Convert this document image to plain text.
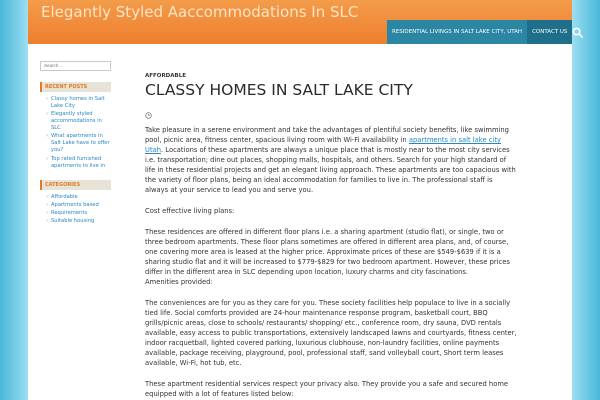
Elegantly Styled Aaccommodations In SLC
RESIDENTIAL LIVINGS IN SALT LAKE CITY, UTAH	CONTACT US
Search ...
RECENT POSTS
› Classy homes in Salt Lake City
› Elegantly styled accommodations in SLC
› What apartments in Salt Lake have to offer you?
› Top rated furnished apartments to live in
CATEGORIES
› Affordable
› Apartments based
› Requirements
› Suitable housing
AFFORDABLE
CLASSY HOMES IN SALT LAKE CITY

Take pleasure in a serene environment and take the advantages of plentiful society benefits, like swimming pool, picnic area, fitness center, spacious living room with Wi-Fi availability in apartments in salt lake city Utah. Locations of these apartments are always a unique place that is mostly near to the most city services i.e. transportation; dine out places, shopping malls, hospitals, and others. Search for your high standard of life in these residential projects and get an elegant living approach. These apartments are too capacious with the variety of floor plans, being an ideal accommodation for families to live in. The professional staff is always at your service to lead you and serve you.

Cost effective living plans:

These residences are offered in different floor plans i.e. a sharing apartment (studio flat), or single, two or three bedroom apartments. These floor plans sometimes are offered in different area plans, and, of course, one covering more area is leased at the higher price. Approximate prices of these are $549-$639 if it is a sharing studio flat and it will be increased to $779-$829 for two bedroom apartment. However, these prices differ in the different area in SLC depending upon location, luxury charms and city fascinations.

Amenities provided:

The conveniences are for you as they care for you. These society facilities help populace to live in a socially tied life. Social comforts provided are 24-hour maintenance response program, basketball court, BBQ grills/picnic areas, close to schools/ restaurants/ shopping/ etc., conference room, dry sauna, DVD rentals available, easy access to public transportations, extensively landscaped lawns and courtyards, fitness center, indoor racquetball, lighted covered parking, luxurious clubhouse, non-laundry facilities, online payments available, package receiving, playground, pool, professional staff, sand volleyball court, Short term leases available, Wi-Fi, hot tub, etc.

These apartment residential services respect your privacy also. They provide you a safe and secured home equipped with a lot of features listed below:
